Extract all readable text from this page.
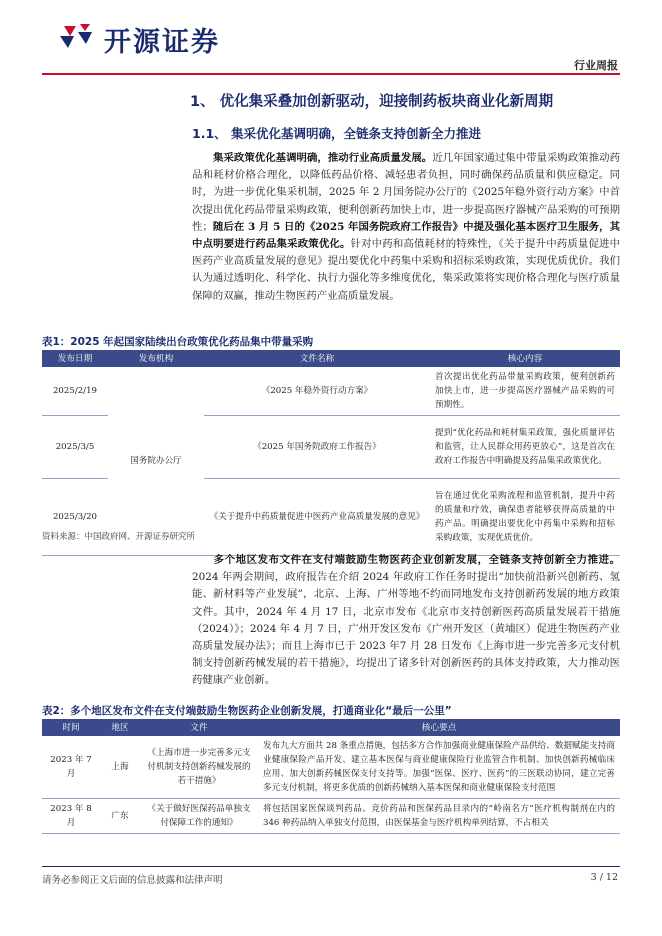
开源证券
行业周报
1、 优化集采叠加创新驱动，迎接制药板块商业化新周期
1.1、 集采优化基调明确，全链条支持创新全力推进
集采政策优化基调明确，推动行业高质量发展。近几年国家通过集中带量采购政策推动药品和耗材价格合理化，以降低药品价格、减轻患者负担，同时确保药品质量和供应稳定。同时，为进一步优化集采机制，2025 年 2 月国务院办公厅的《2025年稳外资行动方案》中首次提出优化药品带量采购政策，便利创新药加快上市，进一步提高医疗器械产品采购的可预期性；随后在 3 月 5 日的《2025 年国务院政府工作报告》中提及强化基本医疗卫生服务，其中点明要进行药品集采政策优化。针对中药和高值耗材的特殊性，《关于提升中药质量促进中医药产业高质量发展的意见》提出要优化中药集中采购和招标采购政策，实现优质优价。我们认为通过透明化、科学化、执行力强化等多维度优化，集采政策将实现价格合理化与医疗质量保障的双赢，推动生物医药产业高质量发展。
表1：2025 年起国家陆续出台政策优化药品集中带量采购
发布日期	发布机构	文件名称	核心内容
2025/2/19	国务院办公厅	《2025 年稳外资行动方案》	首次提出优化药品带量采购政策，便利创新药加快上市，进一步提高医疗器械产品采购的可预期性。
2025/3/5		《2025 年国务院政府工作报告》	提到“优化药品和耗材集采政策，强化质量评估和监管，让人民群众用药更放心”，这是首次在政府工作报告中明确提及药品集采政策优化。
2025/3/20		《关于提升中药质量促进中医药产业高质量发展的意见》	旨在通过优化采购流程和监管机制，提升中药的质量和疗效，确保患者能够获得高质量的中药产品。明确提出要优化中药集中采购和招标采购政策，实现优质优价。
资料来源：中国政府网、开源证券研究所
多个地区发布文件在支付端鼓励生物医药企业创新发展，全链条支持创新全力推进。2024 年两会期间，政府报告在介绍 2024 年政府工作任务时提出“加快前沿新兴创新药、氢能、新材料等产业发展”，北京、上海、广州等地不约而同地发布支持创新药发展的地方政策文件。其中，2024 年 4 月 17 日，北京市发布《北京市支持创新医药高质量发展若干措施（2024）》；2024 年 4 月 7 日，广州开发区发布《广州开发区（黄埔区）促进生物医药产业高质量发展办法》；而且上海市已于 2023 年7 月 28 日发布《上海市进一步完善多元支付机制支持创新药械发展的若干措施》，均提出了诸多针对创新医药的具体支持政策，大力推动医药健康产业创新。
表2：多个地区发布文件在支付端鼓励生物医药企业创新发展，打通商业化“最后一公里”
时间	地区	文件	核心要点
2023 年 7 月	上海	《上海市进一步完善多元支付机制支持创新药械发展的若干措施》	发布九大方面共 28 条重点措施，包括多方合作加强商业健康保险产品供给、数据赋能支持商业健康保险产品开发、建立基本医保与商业健康保险行业监管合作机制、加快创新药械临床应用、加大创新药械医保支付支持等。加强“医保、医疗、医药”的三医联动协同，建立完善多元支付机制，将更多优质的创新药械纳入基本医保和商业健康保险支付范围
2023 年 8 月	广东	《关于做好医保药品单独支付保障工作的通知》	将包括国家医保谈判药品、竞价药品和医保药品目录内的“岭南名方”医疗机构制剂在内的 346 种药品纳入单独支付范围，由医保基金与医疗机构单列结算，不占相关
请务必参阅正文后面的信息披露和法律声明	3 / 12
